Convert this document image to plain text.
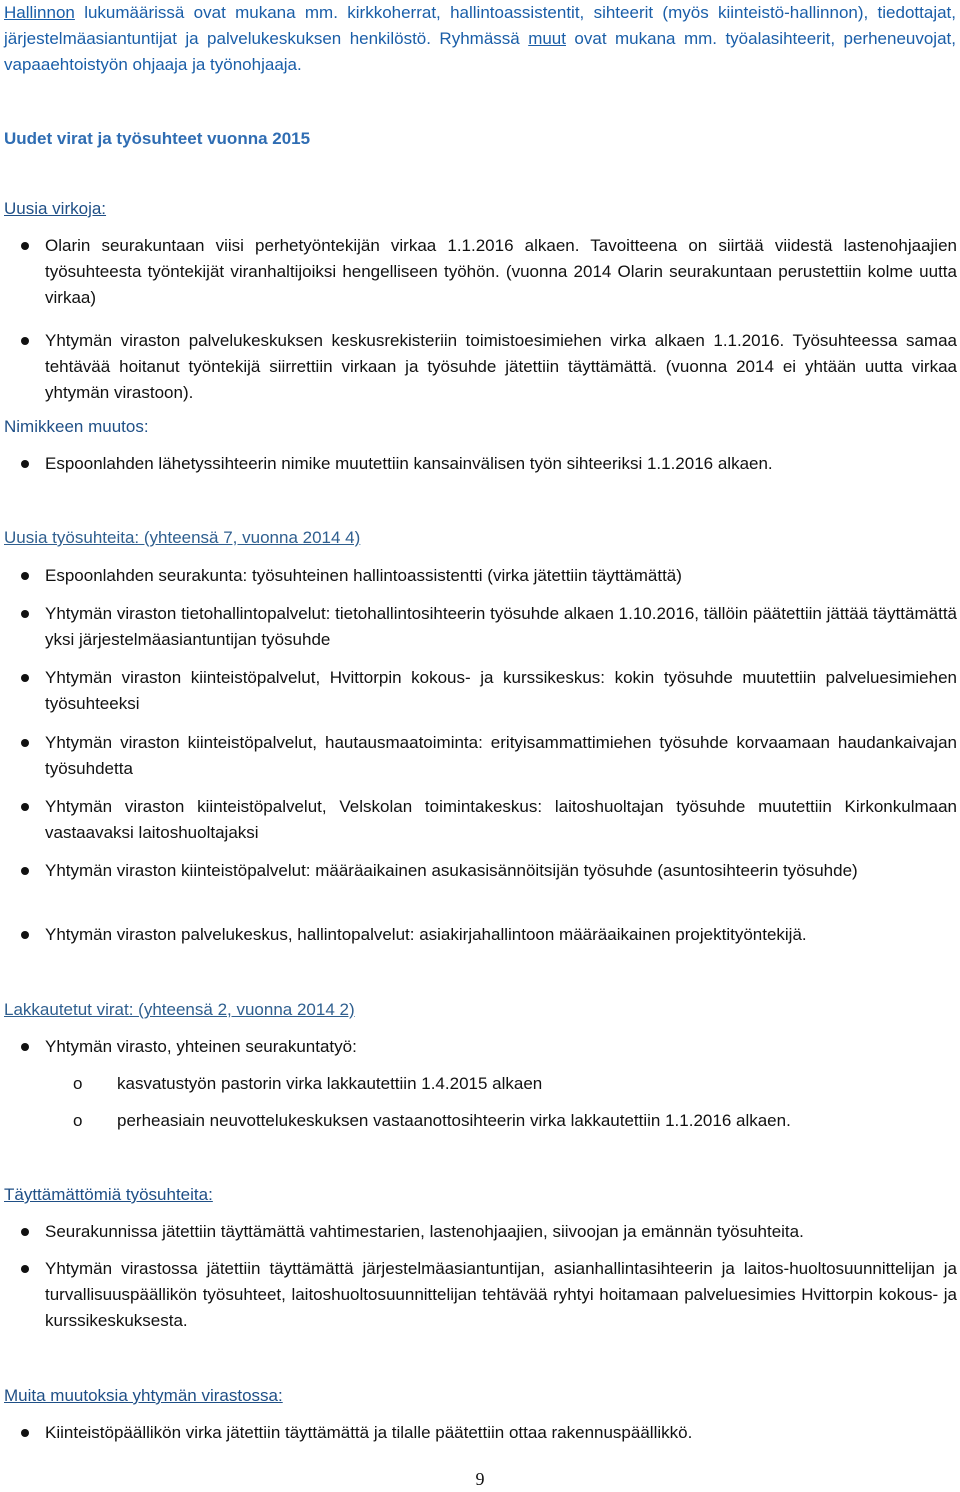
Hallinnon lukumäärissä ovat mukana mm. kirkkoherrat, hallintoassistentit, sihteerit (myös kiinteistö-hallinnon), tiedottajat, järjestelmäasiantuntijat ja palvelukeskuksen henkilöstö. Ryhmässä muut ovat mukana mm. työalasihteerit, perheneuvojat, vapaaehtoistyön ohjaaja ja työnohjaaja.

Uudet virat ja työsuhteet vuonna 2015

Uusia virkoja:

Olarin seurakuntaan viisi perhetyöntekijän virkaa 1.1.2016 alkaen. Tavoitteena on siirtää viidestä lastenohjaajien työsuhteesta työntekijät viranhaltijoiksi hengelliseen työhön. (vuonna 2014 Olarin seurakuntaan perustettiin kolme uutta virkaa)

Yhtymän viraston palvelukeskuksen keskusrekisteriin toimistoesimiehen virka alkaen 1.1.2016. Työsuhteessa samaa tehtävää hoitanut työntekijä siirrettiin virkaan ja työsuhde jätettiin täyttämättä. (vuonna 2014 ei yhtään uutta virkaa yhtymän virastoon).

Nimikkeen muutos:

Espoonlahden lähetyssihteerin nimike muutettiin kansainvälisen työn sihteeriksi 1.1.2016 alkaen.

Uusia työsuhteita: (yhteensä 7, vuonna 2014 4)

Espoonlahden seurakunta: työsuhteinen hallintoassistentti (virka jätettiin täyttämättä)

Yhtymän viraston tietohallintopalvelut: tietohallintosihteerin työsuhde alkaen 1.10.2016, tällöin päätettiin jättää täyttämättä yksi järjestelmäasiantuntijan työsuhde

Yhtymän viraston kiinteistöpalvelut, Hvittorpin kokous- ja kurssikeskus: kokin työsuhde muutettiin palveluesimiehen työsuhteeksi

Yhtymän viraston kiinteistöpalvelut, hautausmaatoiminta: erityisammattimiehen työsuhde korvaamaan haudankaivajan työsuhdetta

Yhtymän viraston kiinteistöpalvelut, Velskolan toimintakeskus: laitoshuoltajan työsuhde muutettiin Kirkonkulmaan vastaavaksi laitoshuoltajaksi

Yhtymän viraston kiinteistöpalvelut: määräaikainen asukasisännöitsijän työsuhde (asuntosihteerin työsuhde)

Yhtymän viraston palvelukeskus, hallintopalvelut: asiakirjahallintoon määräaikainen projektityöntekijä.

Lakkautetut virat: (yhteensä 2, vuonna 2014 2)

Yhtymän virasto, yhteinen seurakuntatyö:

o kasvatustyön pastorin virka lakkautettiin 1.4.2015 alkaen

o perheasiain neuvottelukeskuksen vastaanottosihteerin virka lakkautettiin 1.1.2016 alkaen.

Täyttämättömiä työsuhteita:

Seurakunnissa jätettiin täyttämättä vahtimestarien, lastenohjaajien, siivoojan ja emännän työsuhteita.

Yhtymän virastossa jätettiin täyttämättä järjestelmäasiantuntijan, asianhallintasihteerin ja laitos-huoltosuunnittelijan ja turvallisuuspäällikön työsuhteet, laitoshuoltosuunnittelijan tehtävää ryhtyi hoitamaan palveluesimies Hvittorpin kokous- ja kurssikeskuksesta.

Muita muutoksia yhtymän virastossa:

Kiinteistöpäällikön virka jätettiin täyttämättä ja tilalle päätettiin ottaa rakennuspäällikkö.

9
